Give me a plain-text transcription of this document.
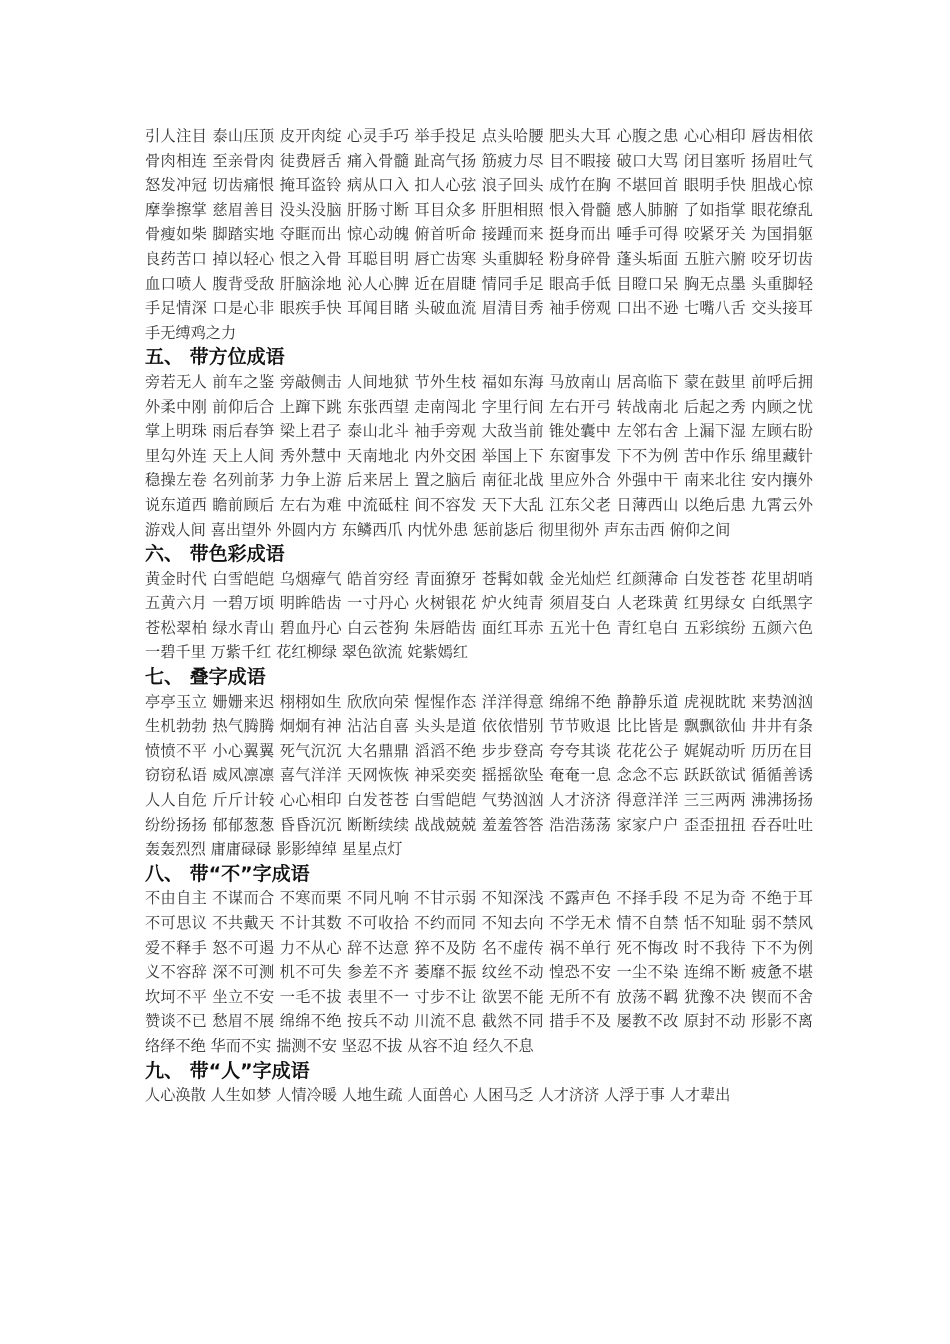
引人注目 泰山压顶 皮开肉绽 心灵手巧 举手投足 点头哈腰 肥头大耳 心腹之患 心心相印 唇齿相依 骨肉相连 至亲骨肉 徒费唇舌 痛入骨髓 趾高气扬 筋疲力尽 目不暇接 破口大骂 闭目塞听 扬眉吐气 怒发冲冠 切齿痛恨 掩耳盗铃 病从口入 扣人心弦 浪子回头 成竹在胸 不堪回首 眼明手快 胆战心惊 摩拳擦掌 慈眉善目 没头没脑 肝肠寸断 耳目众多 肝胆相照 恨入骨髓 感人肺腑 了如指掌 眼花缭乱 骨瘦如柴 脚踏实地 夺眶而出 惊心动魄 俯首听命 接踵而来 挺身而出 唾手可得 咬紧牙关 为国捐躯 良药苦口 掉以轻心 恨之入骨 耳聪目明 唇亡齿寒 头重脚轻 粉身碎骨 蓬头垢面 五脏六腑 咬牙切齿 血口喷人 腹背受敌 肝脑涂地 沁人心脾 近在眉睫 情同手足 眼高手低 目瞪口呆 胸无点墨 头重脚轻 手足情深 口是心非 眼疾手快 耳闻目睹 头破血流 眉清目秀 袖手傍观 口出不逊 七嘴八舌 交头接耳 手无缚鸡之力

五、 带方位成语

旁若无人 前车之鉴 旁敲侧击 人间地狱 节外生枝 福如东海 马放南山 居高临下 蒙在鼓里 前呼后拥 外柔中刚 前仰后合 上蹿下跳 东张西望 走南闯北 字里行间 左右开弓 转战南北 后起之秀 内顾之忧 掌上明珠 雨后春笋 梁上君子 泰山北斗 袖手旁观 大敌当前 锥处囊中 左邻右舍 上漏下湿 左顾右盼 里勾外连 天上人间 秀外慧中 天南地北 内外交困 举国上下 东窗事发 下不为例 苦中作乐 绵里藏针 稳操左卷 名列前茅 力争上游 后来居上 置之脑后 南征北战 里应外合 外强中干 南来北往 安内攘外 说东道西 瞻前顾后 左右为难 中流砥柱 间不容发 天下大乱 江东父老 日薄西山 以绝后患 九霄云外 游戏人间 喜出望外 外圆内方 东鳞西爪 内忧外患 惩前毖后 彻里彻外 声东击西 俯仰之间

六、 带色彩成语

黄金时代 白雪皑皑 乌烟瘴气 皓首穷经 青面獠牙 苍髯如戟 金光灿烂 红颜薄命 白发苍苍 花里胡哨 五黄六月 一碧万顷 明眸皓齿 一寸丹心 火树银花 炉火纯青 须眉芟白 人老珠黄 红男绿女 白纸黑字 苍松翠柏 绿水青山 碧血丹心 白云苍狗 朱唇皓齿 面红耳赤 五光十色 青红皂白 五彩缤纷 五颜六色 一碧千里 万紫千红 花红柳绿 翠色欲流 姹紫嫣红

七、 叠字成语

亭亭玉立 姗姗来迟 栩栩如生 欣欣向荣 惺惺作态 洋洋得意 绵绵不绝 静静乐道 虎视眈眈 来势汹汹 生机勃勃 热气腾腾 炯炯有神 沾沾自喜 头头是道 依依惜别 节节败退 比比皆是 飘飘欲仙 井井有条 愤愤不平 小心翼翼 死气沉沉 大名鼎鼎 滔滔不绝 步步登高 夸夸其谈 花花公子 娓娓动听 历历在目 窃窃私语 威风凛凛 喜气洋洋 天网恢恢 神采奕奕 摇摇欲坠 奄奄一息 念念不忘 跃跃欲试 循循善诱 人人自危 斤斤计较 心心相印 白发苍苍 白雪皑皑 气势汹汹 人才济济 得意洋洋 三三两两 沸沸扬扬 纷纷扬扬 郁郁葱葱 昏昏沉沉 断断续续 战战兢兢 羞羞答答 浩浩荡荡 家家户户 歪歪扭扭 吞吞吐吐 轰轰烈烈 庸庸碌碌 影影绰绰 星星点灯

八、 带“不”字成语

不由自主 不谋而合 不寒而栗 不同凡响 不甘示弱 不知深浅 不露声色 不择手段 不足为奇 不绝于耳 不可思议 不共戴天 不计其数 不可收拾 不约而同 不知去向 不学无术 情不自禁 恬不知耻 弱不禁风 爱不释手 怒不可遏 力不从心 辞不达意 猝不及防 名不虚传 祸不单行 死不悔改 时不我待 下不为例 义不容辞 深不可测 机不可失 参差不齐 萎靡不振 纹丝不动 惶恐不安 一尘不染 连绵不断 疲惫不堪 坎坷不平 坐立不安 一毛不拔 表里不一 寸步不让 欲罢不能 无所不有 放荡不羁 犹豫不决 锲而不舍 赞谈不已 愁眉不展 绵绵不绝 按兵不动 川流不息 截然不同 措手不及 屡教不改 原封不动 形影不离 络绎不绝 华而不实 揣测不安 坚忍不拔 从容不迫 经久不息

九、 带“人”字成语

人心涣散 人生如梦 人情冷暖 人地生疏 人面兽心 人困马乏 人才济济 人浮于事 人才辈出
